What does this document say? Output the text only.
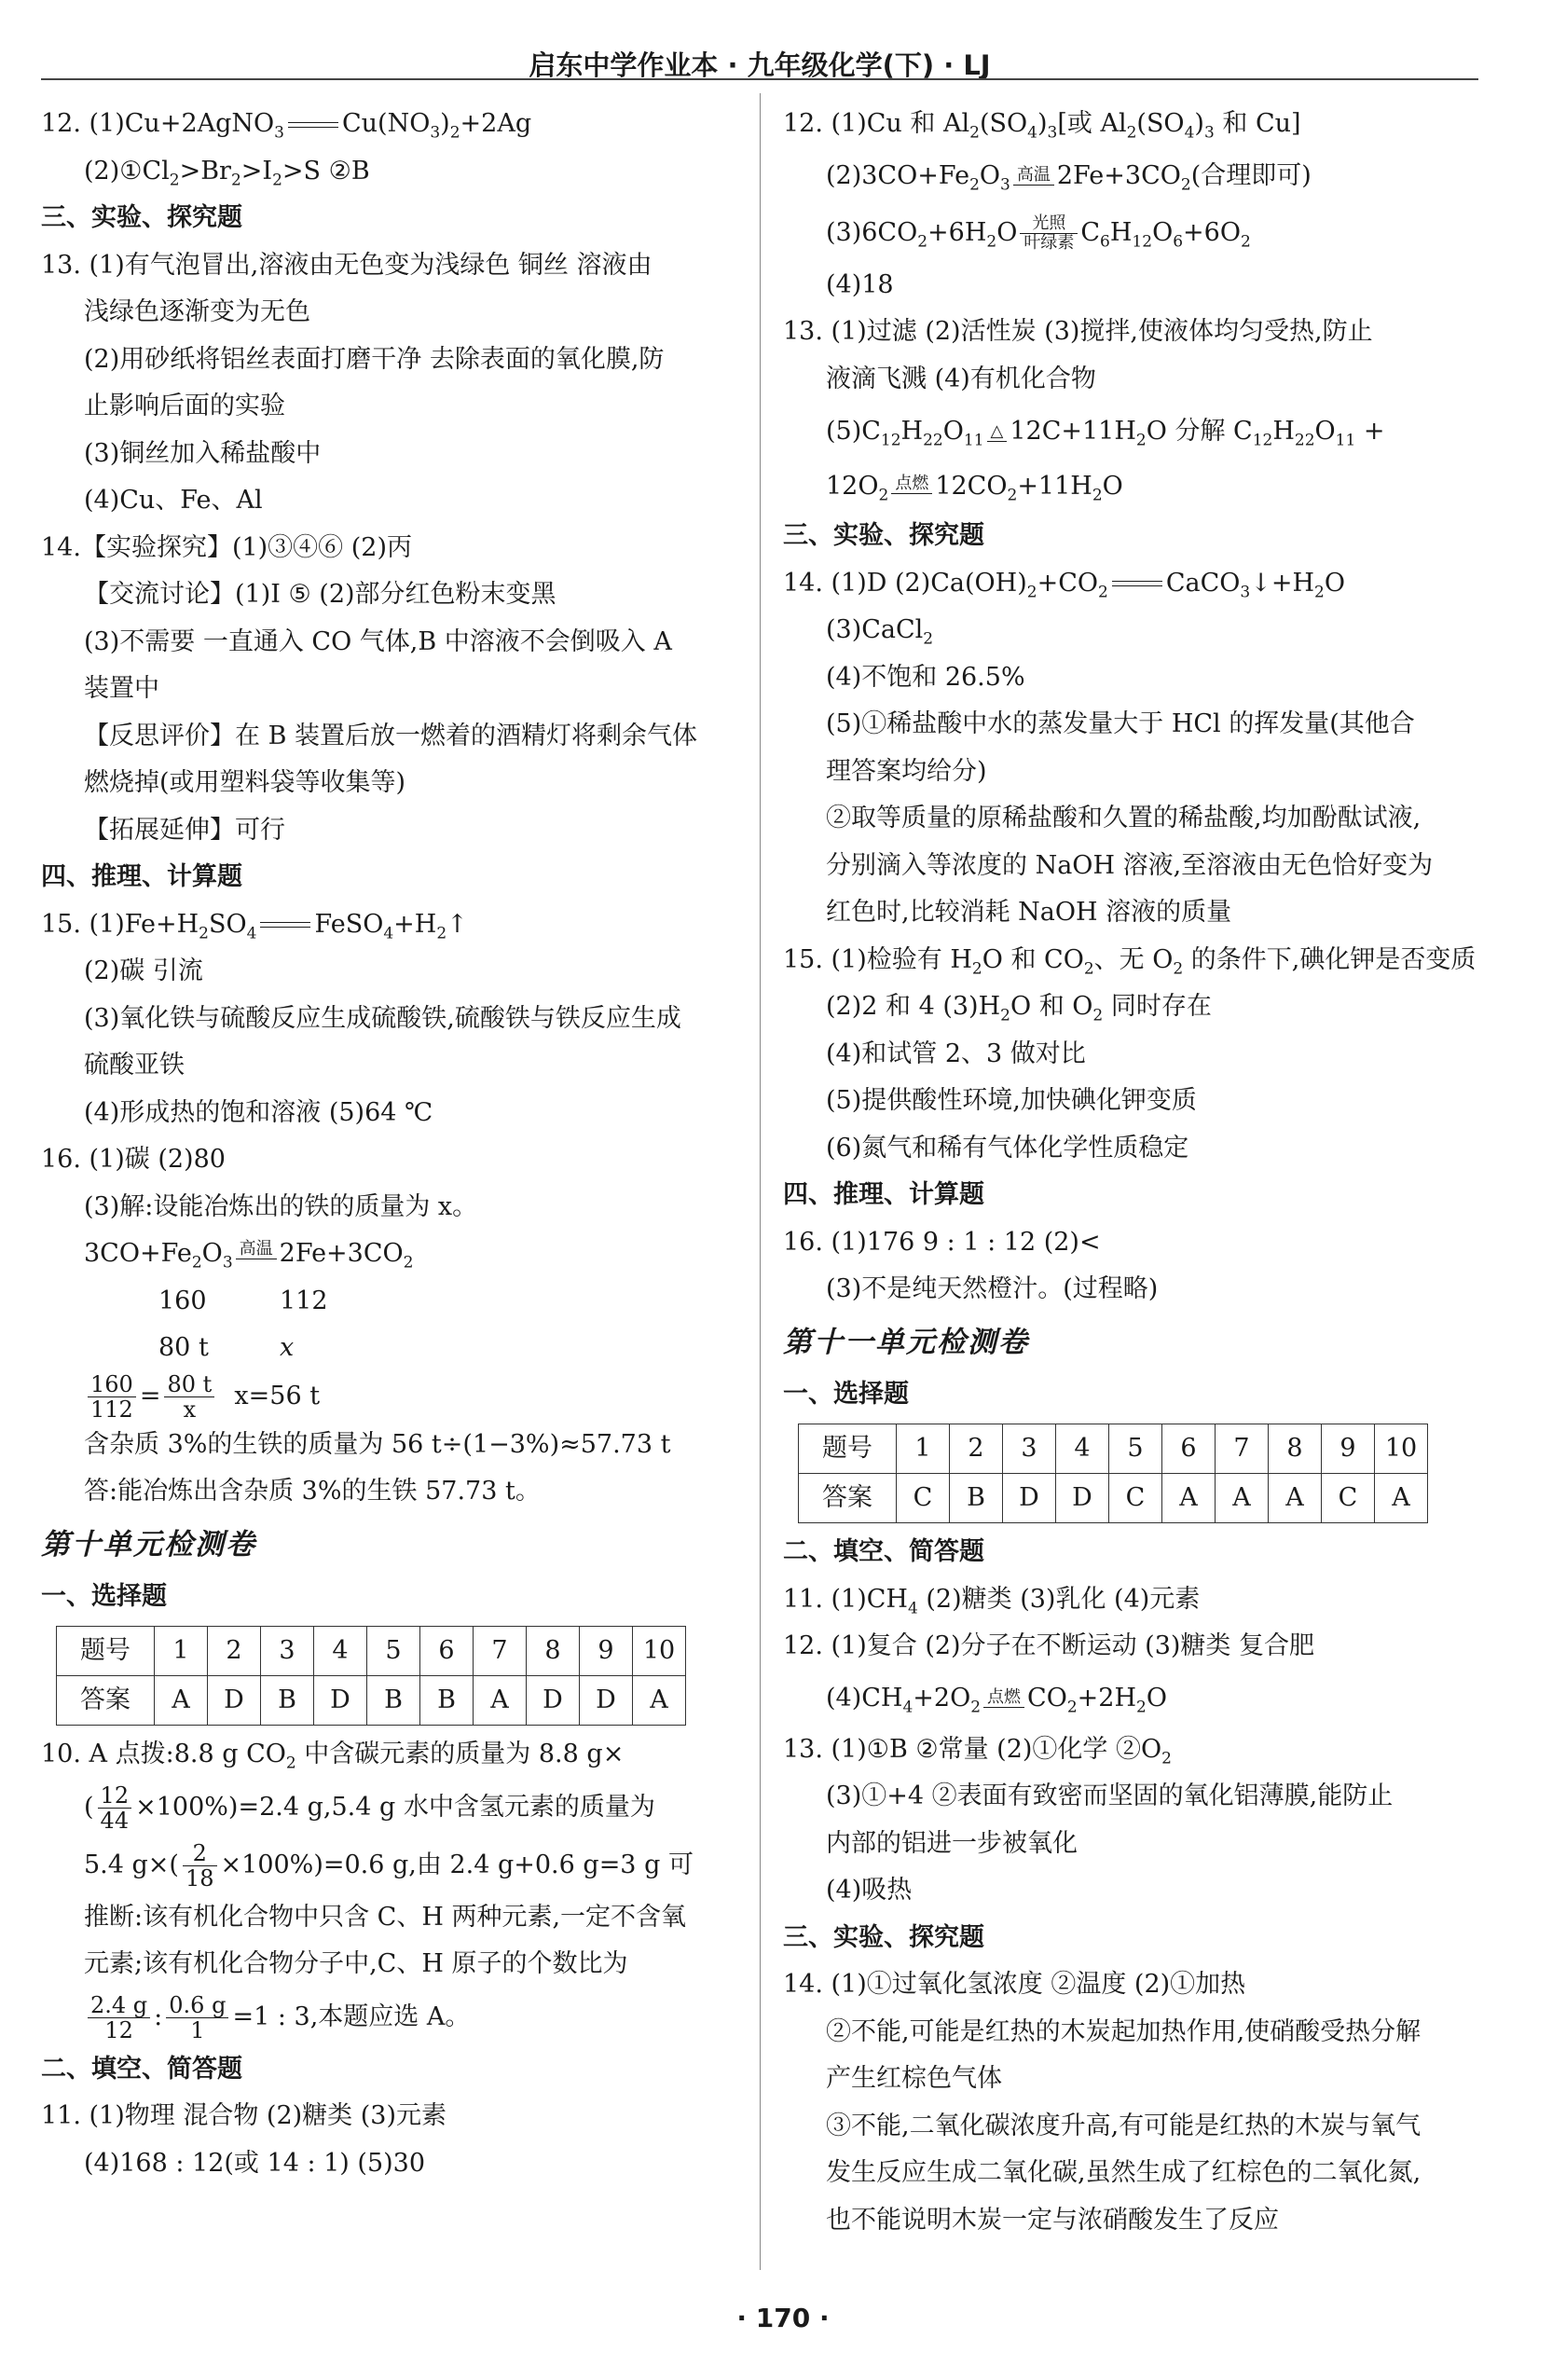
启东中学作业本 · 九年级化学(下) · LJ
12. (1)Cu+2AgNO$_3$ $Cu(NO_3)_2+2Ag$
$(2)①Cl_2>Br_2>I_2>S$ ②B
三、实验、探究题
13. (1)有气泡冒出,溶液由无色变为浅绿色 铜丝 溶液由
浅绿色逐渐变为无色
(2)用砂纸将铝丝表面打磨干净 去除表面的氧化膜,防
止影响后面的实验
(3)铜丝加入稀盐酸中
(4)Cu、Fe、Al
14.【实验探究】(1)③④⑥ (2)丙
【交流讨论】(1)Ⅰ ⑤ (2)部分红色粉末变黑
(3)不需要 一直通入 CO 气体,B 中溶液不会倒吸入 A
装置中
【反思评价】在 B 装置后放一燃着的酒精灯将剩余气体
燃烧掉(或用塑料袋等收集等)
【拓展延伸】可行
四、推理、计算题
15. $(1)Fe+H_2SO_4$ $FeSO_4+H_2↑$
(2)碳 引流
(3)氧化铁与硫酸反应生成硫酸铁,硫酸铁与铁反应生成
硫酸亚铁
(4)形成热的饱和溶液 (5)64 ℃
16. (1)碳 (2)80
(3)解:设能冶炼出的铁的质量为 x。
$3CO+Fe_2O_3$
高温 $2Fe+3CO_2$
160	112
80 t	x
$\frac{160}{112} = \frac{80 t}{x} x=56$ t
含杂质 3%的生铁的质量为 56 t÷(1−3%)≈57.73 t
答:能冶炼出含杂质 3%的生铁 57.73 t。
第十单元检测卷
一、选择题
题号	1	2	3	4	5	6	7	8	9	10
答案	A	D	B	D	B	B	A	D	D	A
10. A 点拨:8.8 g $CO_2$ 中含碳元素的质量为 8.8 g×
( $\frac{12}{44} \times 100\%)=2.4$ g,5.4 g 水中含氢元素的质量为
5.4 $g\times( \frac{2}{18} \times 100\%)=0.6$ g,由 2.4 g+0.6 g=3 g 可
推断:该有机化合物中只含 C、H 两种元素,一定不含氧
元素;该有机化合物分子中,C、H 原子的个数比为
$\frac{2.4 g}{12}$ : $\frac{0.6 g}{1} =1$ : 3,本题应选 A。
二、填空、简答题
11. (1)物理 混合物 (2)糖类 (3)元素
(4)168 : 12(或 14 : 1) (5)30
12. (1)Cu 和 $Al_2(SO_4)_3$[或 $Al_2(SO_4)_3$ 和 Cu]
$(2)3CO+Fe_2O_3$
高温 $2Fe+3CO_2$(合理即可)
$(3)6CO_2+6H_2O$ 光照
叶绿素 $C_6H_{12}O_6+6O_2$
(4)18
13. (1)过滤 (2)活性炭 (3)搅拌,使液体均匀受热,防止
液滴飞溅 (4)有机化合物
$(5)C_{12}H_{22}O_{11}$ △ $12C+11H_2O$ 分解 $C_{12}H_{22}O_{11}$ +
$12O_2$
点燃 $12CO_2+11H_2O$
三、实验、探究题
14. (1)D $(2)Ca(OH)_2+CO_2$ $CaCO_3↓+H_2O$
(3)CaCl$_2$
(4)不饱和 26.5%
(5)①稀盐酸中水的蒸发量大于 HCl 的挥发量(其他合
理答案均给分)
②取等质量的原稀盐酸和久置的稀盐酸,均加酚酞试液,
分别滴入等浓度的 NaOH 溶液,至溶液由无色恰好变为
红色时,比较消耗 NaOH 溶液的质量
15. (1)检验有 $H_2O$ 和 $CO_2$、无 $O_2$ 的条件下,碘化钾是否变质
(2)2 和 4 $(3)H_2O$ 和 $O_2$ 同时存在
(4)和试管 2、3 做对比
(5)提供酸性环境,加快碘化钾变质
(6)氮气和稀有气体化学性质稳定
四、推理、计算题
16. (1)176 9 : 1 : 12 (2)<
(3)不是纯天然橙汁。(过程略)
第十一单元检测卷
一、选择题
题号	1	2	3	4	5	6	7	8	9	10
答案	C	B	D	D	C	A	A	A	C	A
二、填空、简答题
11. $(1)CH_4$ (2)糖类 (3)乳化 (4)元素
12. (1)复合 (2)分子在不断运动 (3)糖类 复合肥
$(4)CH_4+2O_2$
点燃 $CO_2+2H_2O$
13. (1)①B ②常量 (2)①化学 $②O_2$
(3)①+4 ②表面有致密而坚固的氧化铝薄膜,能防止
内部的铝进一步被氧化
(4)吸热
三、实验、探究题
14. (1)①过氧化氢浓度 ②温度 (2)①加热
②不能,可能是红热的木炭起加热作用,使硝酸受热分解
产生红棕色气体
③不能,二氧化碳浓度升高,有可能是红热的木炭与氧气
发生反应生成二氧化碳,虽然生成了红棕色的二氧化氮,
也不能说明木炭一定与浓硝酸发生了反应
· 170 ·
